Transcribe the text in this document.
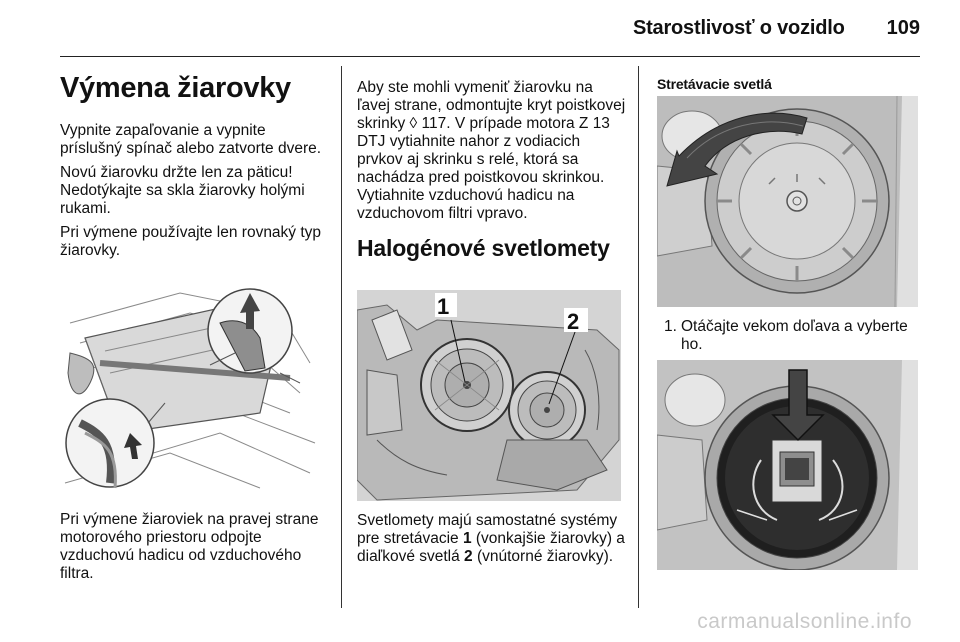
Starostlivosť o vozidlo 109
Výmena žiarovky

Vypnite zapaľovanie a vypnite príslušný spínač alebo zatvorte dvere.

Novú žiarovku držte len za päticu! Nedotýkajte sa skla žiarovky holými rukami.

Pri výmene používajte len rovnaký typ žiarovky.

Pri výmene žiaroviek na pravej strane motorového priestoru odpojte vzduchovú hadicu od vzduchového filtra.

Aby ste mohli vymeniť žiarovku na ľavej strane, odmontujte kryt poistkovej skrinky ◊ 117. V prípade motora Z 13 DTJ vytiahnite nahor z vodiacich prvkov aj skrinku s relé, ktorá sa nachádza pred poistkovou skrinkou. Vytiahnite vzduchovú hadicu na vzduchovom filtri vpravo.

Halogénové svetlomety
1
2
Svetlomety majú samostatné systémy pre stretávacie 1 (vonkajšie žiarovky) a diaľkové svetlá 2 (vnútorné žiarovky).
Stretávacie svetlá
1. Otáčajte vekom doľava a vyberte
ho.
carmanualsonline.info
